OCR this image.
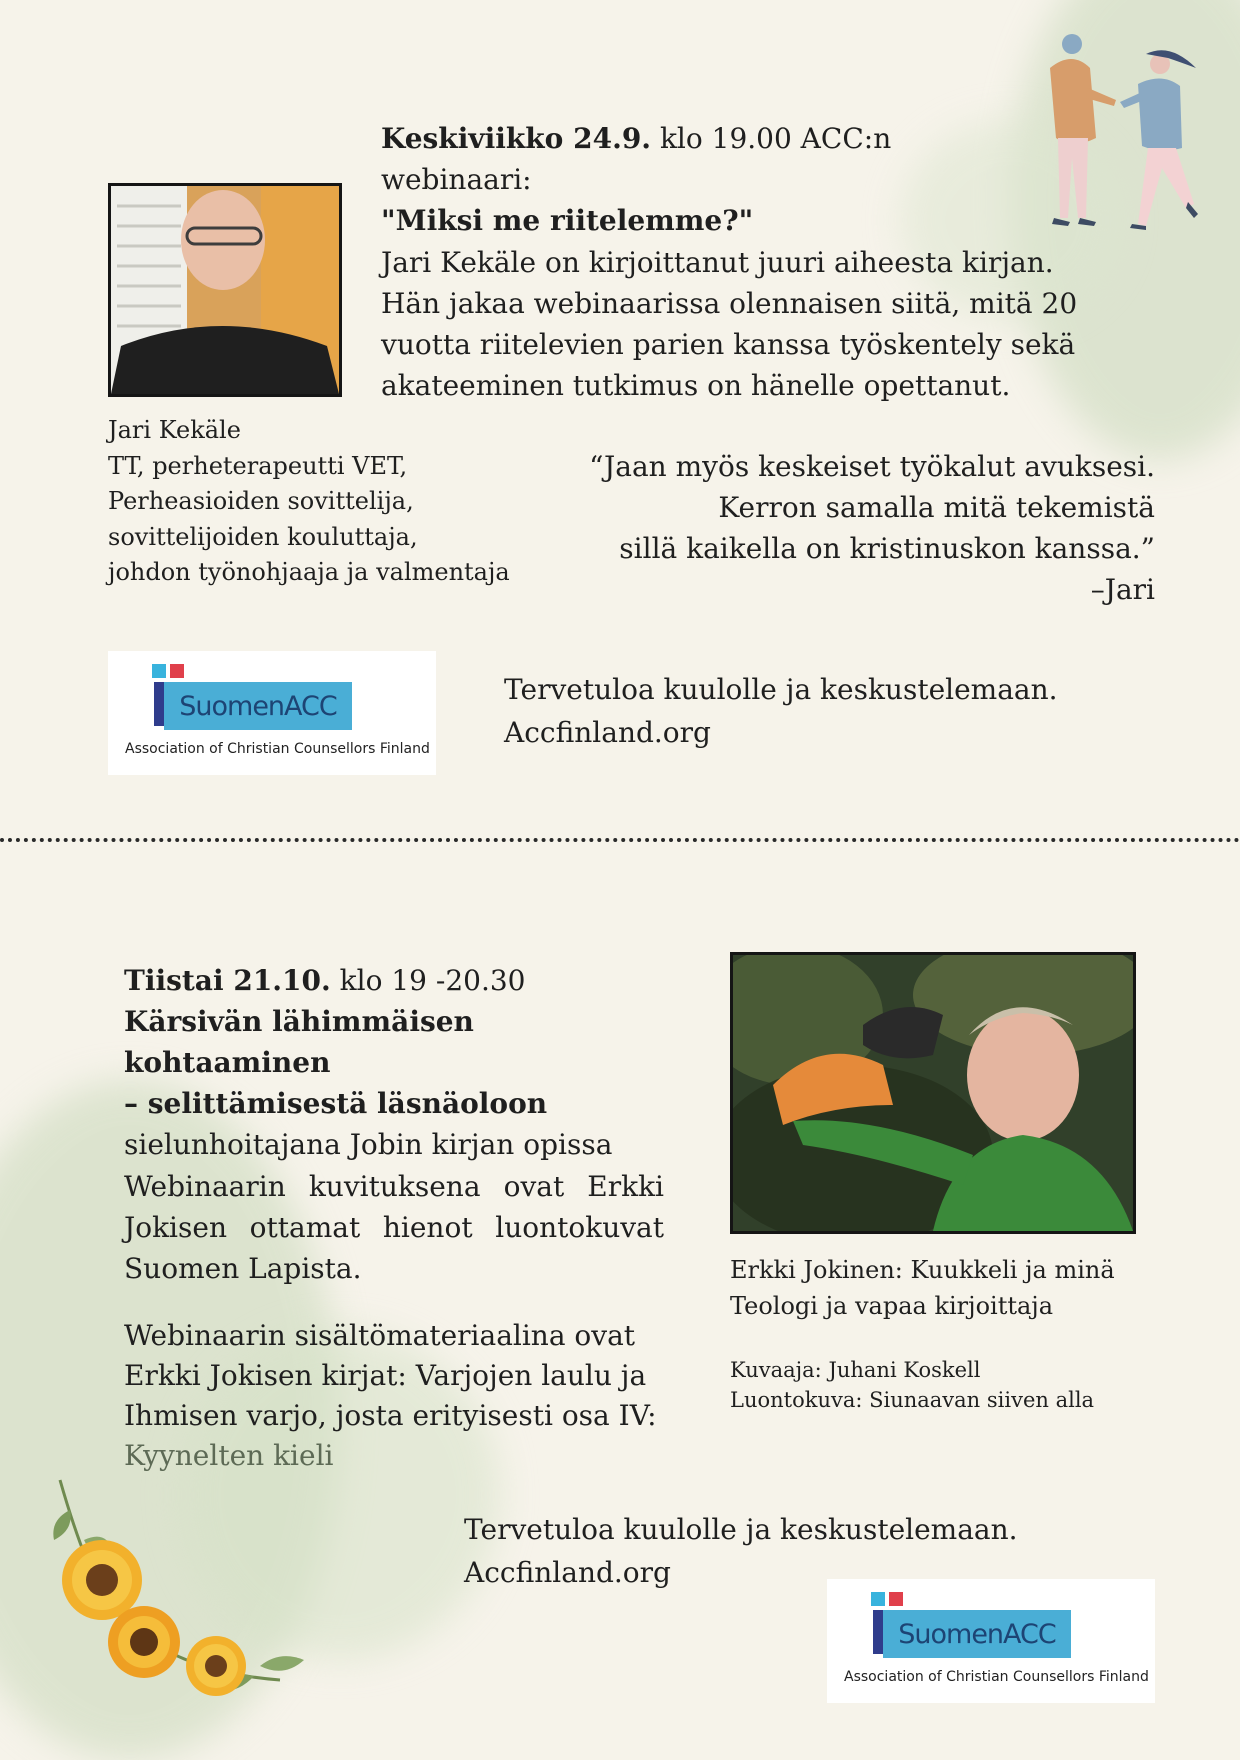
Keskiviikko 24.9. klo 19.00 ACC:n webinaari:
"Miksi me riitelemme?"
Jari Kekäle on kirjoittanut juuri aiheesta kirjan.
Hän jakaa webinaarissa olennaisen siitä, mitä 20
vuotta riitelevien parien kanssa työskentely sekä
akateeminen tutkimus on hänelle opettanut.
Jari Kekäle
TT, perheterapeutti VET,
Perheasioiden sovittelija,
sovittelijoiden kouluttaja,
johdon työnohjaaja ja valmentaja
“Jaan myös keskeiset työkalut avuksesi.
Kerron samalla mitä tekemistä
sillä kaikella on kristinuskon kanssa.”
–Jari
SuomenACC
Association of Christian Counsellors Finland
Tervetuloa kuulolle ja keskustelemaan.
Accfinland.org
Tiistai 21.10. klo 19 -20.30
Kärsivän lähimmäisen kohtaaminen
– selittämisestä läsnäoloon
sielunhoitajana Jobin kirjan opissa
Webinaarin kuvituksena ovat Erkki
Jokisen ottamat hienot luontokuvat
Suomen Lapista.
Webinaarin sisältömateriaalina ovat
Erkki Jokisen kirjat: Varjojen laulu ja
Ihmisen varjo, josta erityisesti osa IV:
Kyynelten kieli
Erkki Jokinen: Kuukkeli ja minä
Teologi ja vapaa kirjoittaja
Kuvaaja: Juhani Koskell
Luontokuva: Siunaavan siiven alla
Tervetuloa kuulolle ja keskustelemaan.
Accfinland.org
SuomenACC
Association of Christian Counsellors Finland
